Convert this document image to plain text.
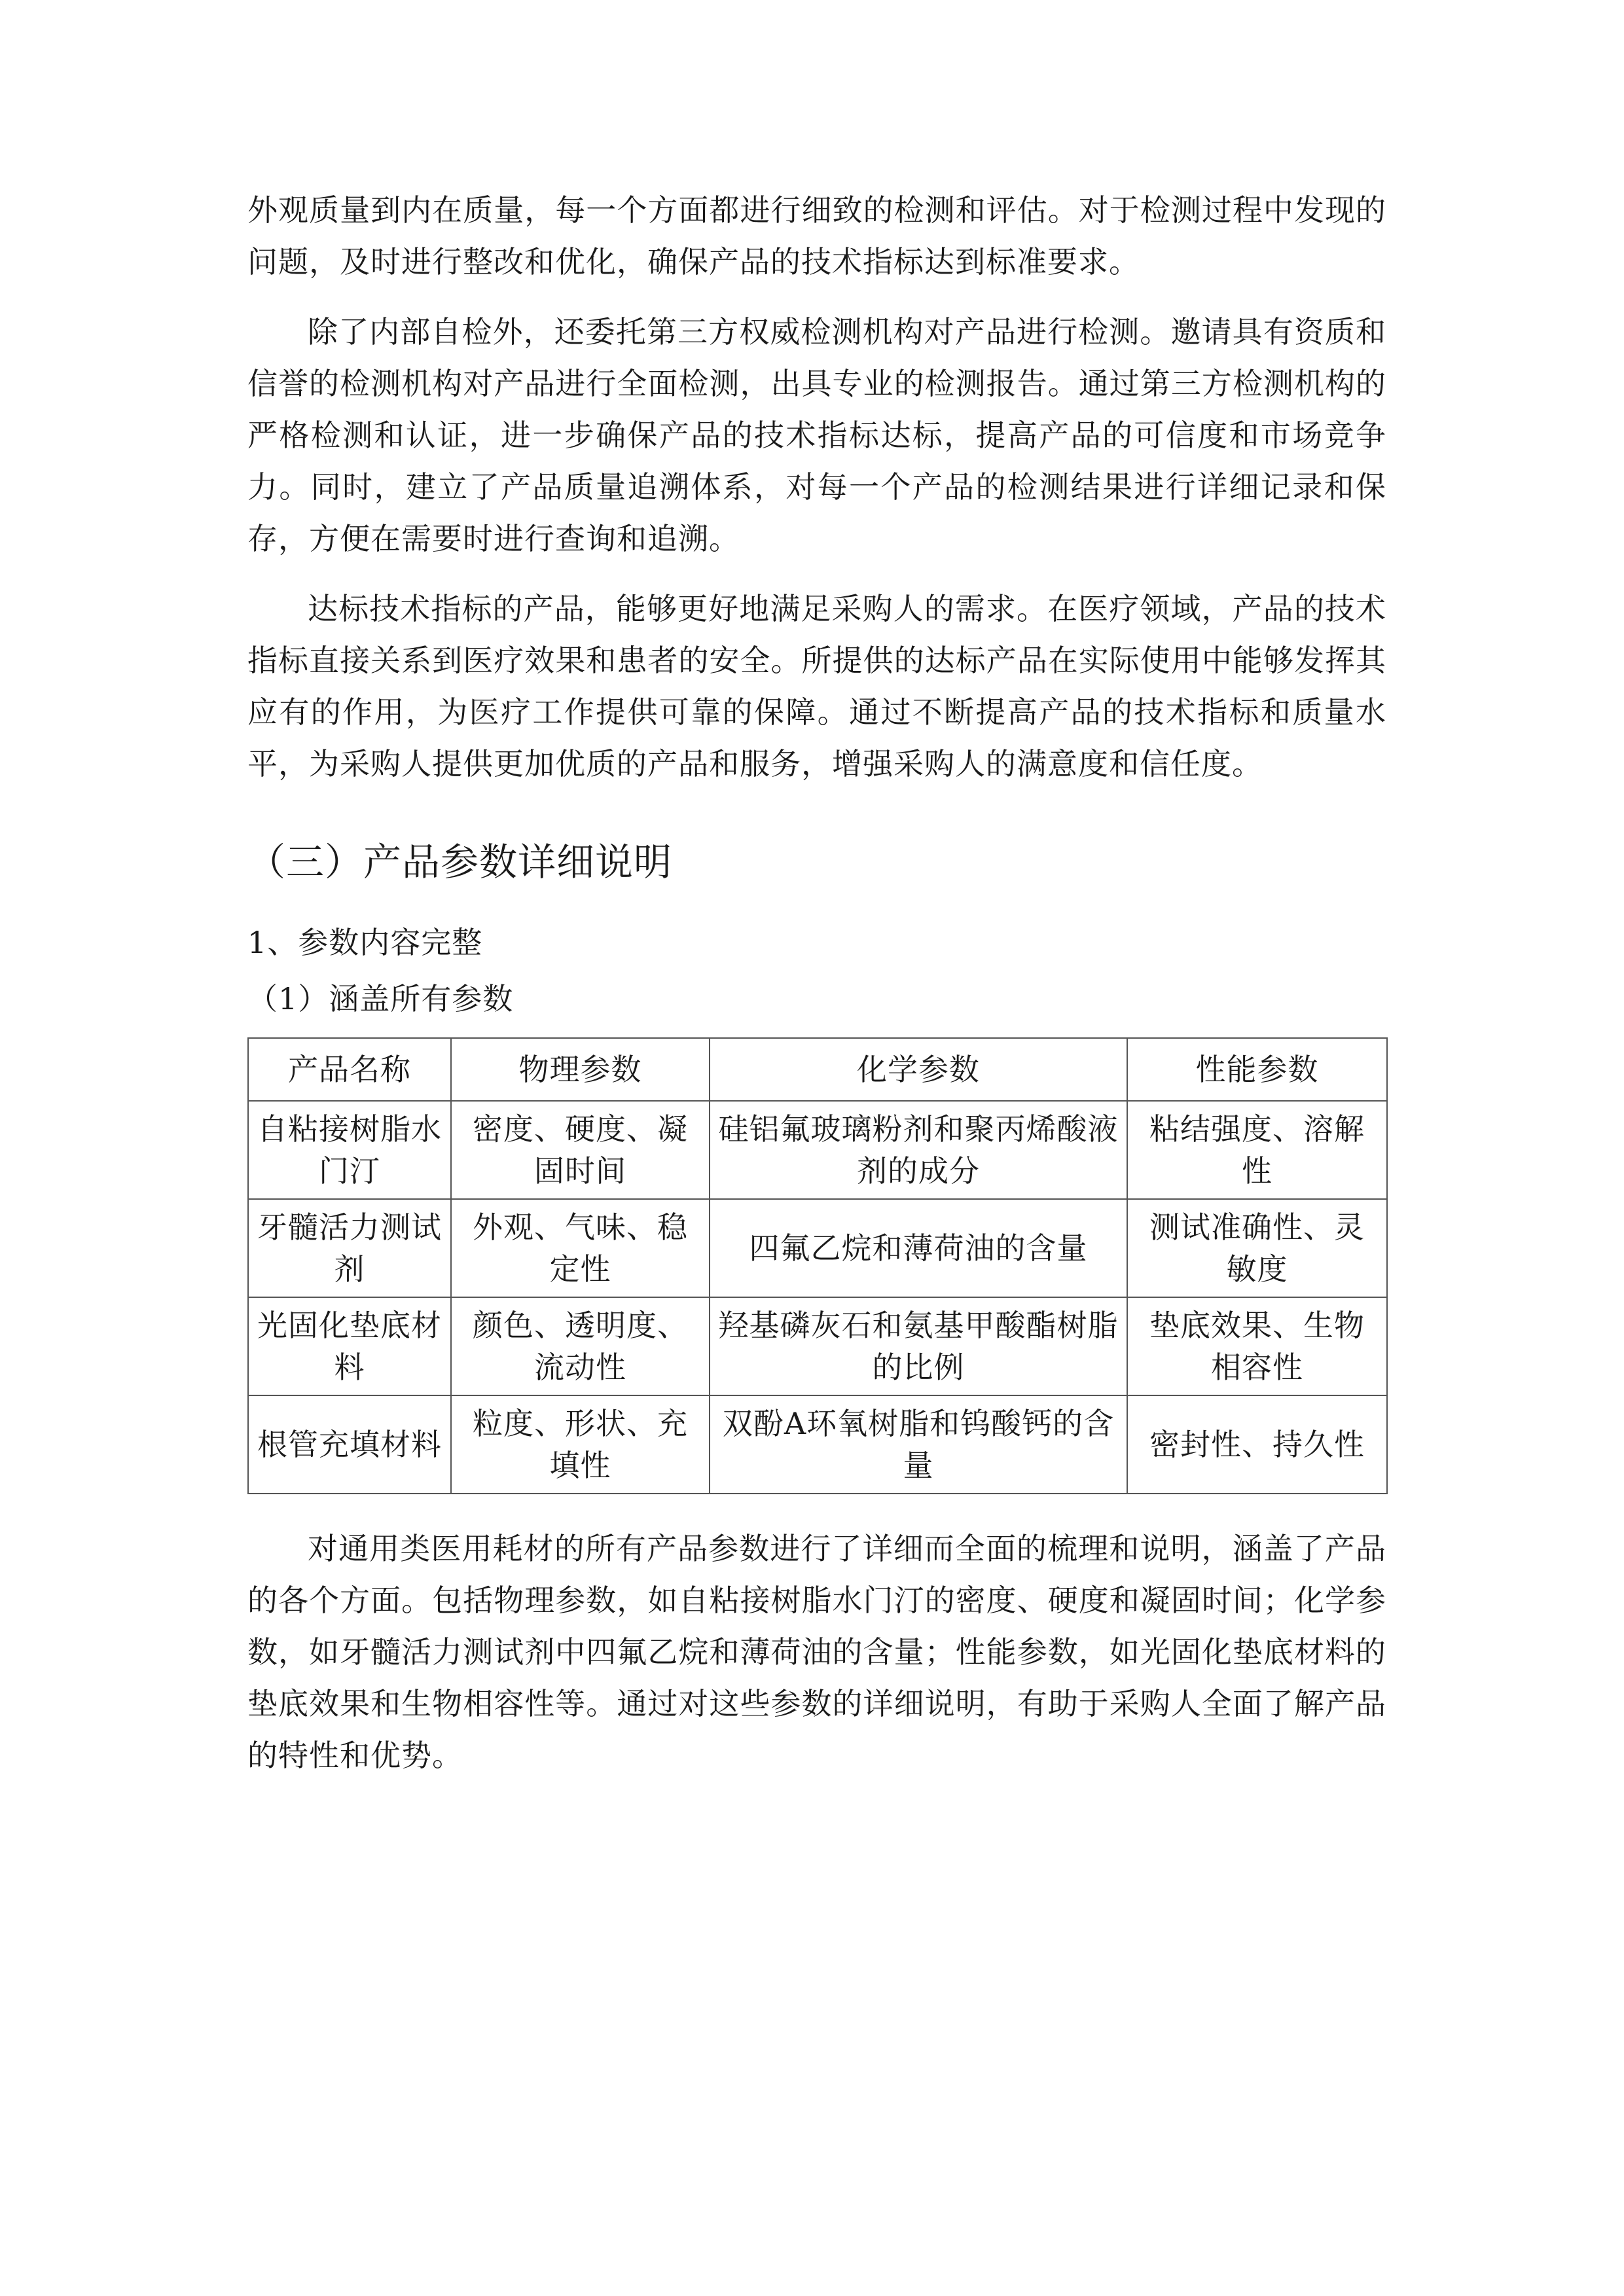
外观质量到内在质量，每一个方面都进行细致的检测和评估。对于检测过程中发现的问题，及时进行整改和优化，确保产品的技术指标达到标准要求。

除了内部自检外，还委托第三方权威检测机构对产品进行检测。邀请具有资质和信誉的检测机构对产品进行全面检测，出具专业的检测报告。通过第三方检测机构的严格检测和认证，进一步确保产品的技术指标达标，提高产品的可信度和市场竞争力。同时，建立了产品质量追溯体系，对每一个产品的检测结果进行详细记录和保存，方便在需要时进行查询和追溯。

达标技术指标的产品，能够更好地满足采购人的需求。在医疗领域，产品的技术指标直接关系到医疗效果和患者的安全。所提供的达标产品在实际使用中能够发挥其应有的作用，为医疗工作提供可靠的保障。通过不断提高产品的技术指标和质量水平，为采购人提供更加优质的产品和服务，增强采购人的满意度和信任度。

（三）产品参数详细说明
1、参数内容完整
（1）涵盖所有参数
产品名称	物理参数	化学参数	性能参数
自粘接树脂水门汀	密度、硬度、凝固时间	硅铝氟玻璃粉剂和聚丙烯酸液剂的成分	粘结强度、溶解性
牙髓活力测试剂	外观、气味、稳定性	四氟乙烷和薄荷油的含量	测试准确性、灵敏度
光固化垫底材料	颜色、透明度、流动性	羟基磷灰石和氨基甲酸酯树脂的比例	垫底效果、生物相容性
根管充填材料	粒度、形状、充填性	双酚A环氧树脂和钨酸钙的含量	密封性、持久性

对通用类医用耗材的所有产品参数进行了详细而全面的梳理和说明，涵盖了产品的各个方面。包括物理参数，如自粘接树脂水门汀的密度、硬度和凝固时间；化学参数，如牙髓活力测试剂中四氟乙烷和薄荷油的含量；性能参数，如光固化垫底材料的垫底效果和生物相容性等。通过对这些参数的详细说明，有助于采购人全面了解产品的特性和优势。
